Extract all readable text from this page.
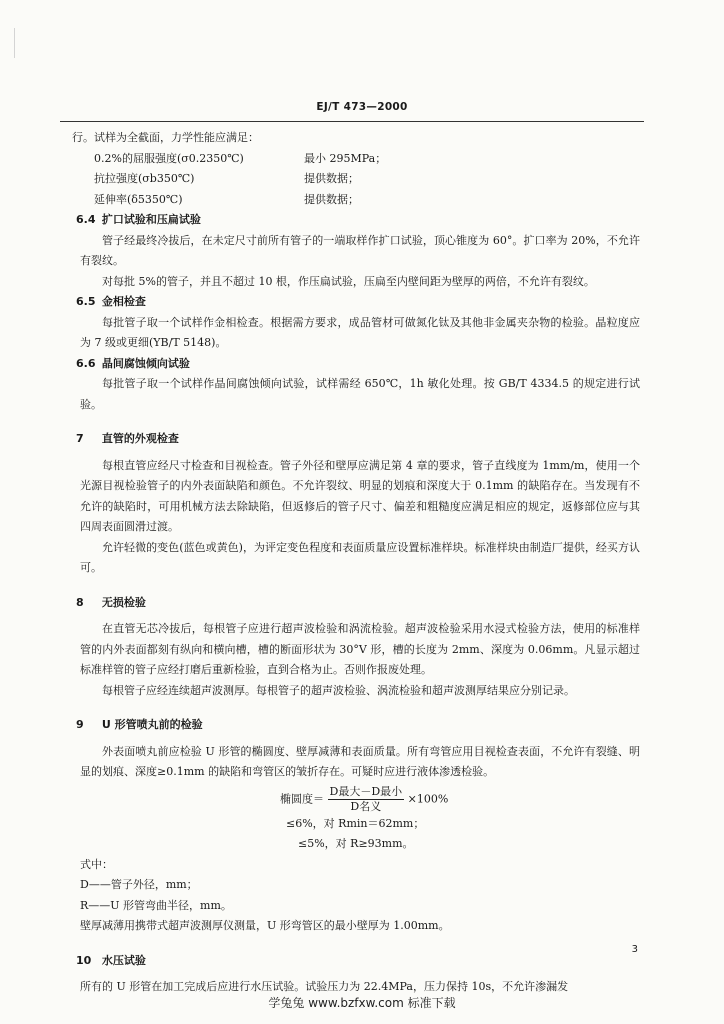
EJ/T 473—2000

行。试样为全截面，力学性能应满足：

0.2%的屈服强度(σ0.2350℃)	最小 295MPa；
抗拉强度(σb350℃)	提供数据；
延伸率(δ5350℃)	提供数据；

6.4 扩口试验和压扁试验

管子经最终冷拔后，在未定尺寸前所有管子的一端取样作扩口试验，顶心锥度为 60°。扩口率为 20%，不允许有裂纹。

对每批 5%的管子，并且不超过 10 根，作压扁试验，压扁至内壁间距为壁厚的两倍，不允许有裂纹。

6.5 金相检查

每批管子取一个试样作金相检查。根据需方要求，成品管材可做氮化钛及其他非金属夹杂物的检验。晶粒度应为 7 级或更细(YB/T 5148)。

6.6 晶间腐蚀倾向试验

每批管子取一个试样作晶间腐蚀倾向试验，试样需经 650℃，1h 敏化处理。按 GB/T 4334.5 的规定进行试验。

7 直管的外观检查

每根直管应经尺寸检查和目视检查。管子外径和壁厚应满足第 4 章的要求，管子直线度为 1mm/m，使用一个光源目视检验管子的内外表面缺陷和颜色。不允许裂纹、明显的划痕和深度大于 0.1mm 的缺陷存在。当发现有不允许的缺陷时，可用机械方法去除缺陷，但返修后的管子尺寸、偏差和粗糙度应满足相应的规定，返修部位应与其四周表面圆滑过渡。

允许轻微的变色(蓝色或黄色)，为评定变色程度和表面质量应设置标准样块。标准样块由制造厂提供，经买方认可。

8 无损检验

在直管无芯冷拔后，每根管子应进行超声波检验和涡流检验。超声波检验采用水浸式检验方法，使用的标准样管的内外表面都刻有纵向和横向槽，槽的断面形状为 30°V 形，槽的长度为 2mm、深度为 0.06mm。凡显示超过标准样管的管子应经打磨后重新检验，直到合格为止。否则作报废处理。

每根管子应经连续超声波测厚。每根管子的超声波检验、涡流检验和超声波测厚结果应分别记录。

9 U 形管喷丸前的检验

外表面喷丸前应检验 U 形管的椭圆度、壁厚减薄和表面质量。所有弯管应用目视检查表面，不允许有裂缝、明显的划痕、深度≥0.1mm 的缺陷和弯管区的皱折存在。可疑时应进行液体渗透检验。

椭圆度＝ $\frac{\text{D最大－D最小}}{\text{D名义}} \times 100\%$

≤6%，对 Rmin＝62mm；

≤5%，对 R≥93mm。

式中：

D——管子外径，mm；

R——U 形管弯曲半径，mm。

壁厚减薄用携带式超声波测厚仪测量，U 形弯管区的最小壁厚为 1.00mm。

10 水压试验

所有的 U 形管在加工完成后应进行水压试验。试验压力为 22.4MPa，压力保持 10s，不允许渗漏发

3
学兔兔 www.bzfxw.com 标准下载
